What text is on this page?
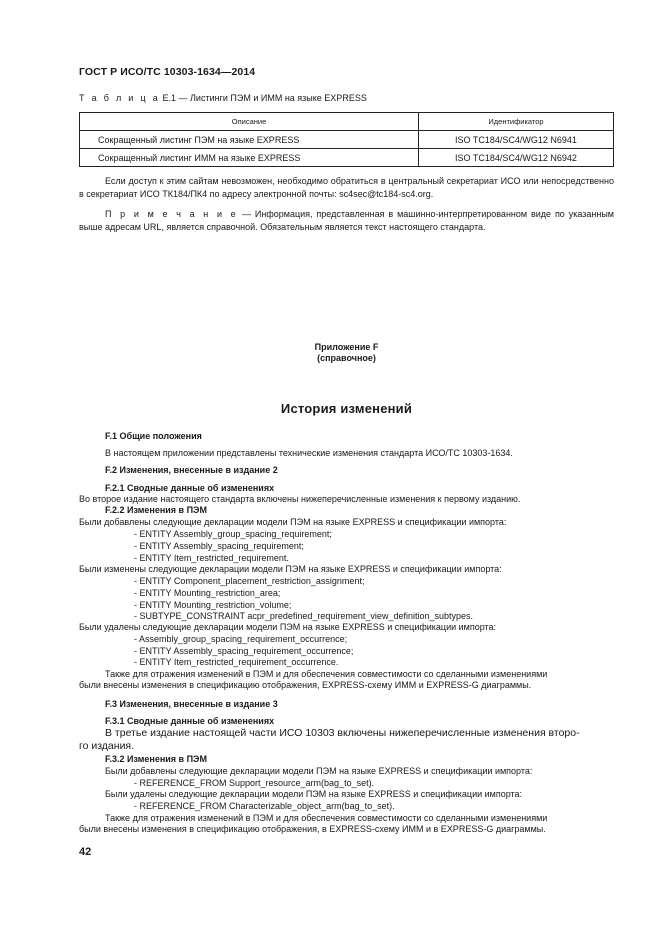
ГОСТ Р ИСО/ТС 10303-1634—2014
Т а б л и ц а Е.1 — Листинги ПЭМ и ИММ на языке EXPRESS
Описание	Идентификатор
Сокращенный листинг ПЭМ на языке EXPRESS	ISO TC184/SC4/WG12 N6941
Сокращенный листинг ИММ на языке EXPRESS	ISO TC184/SC4/WG12 N6942

Если доступ к этим сайтам невозможен, необходимо обратиться в центральный секретариат ИСО или непосредственно в секретариат ИСО ТК184/ПК4 по адресу электронной почты: sc4sec@tc184-sc4.org.

П р и м е ч а н и е — Информация, представленная в машинно-интерпретированном виде по указанным выше адресам URL, является справочной. Обязательным является текст настоящего стандарта.

Приложение F
(справочное)
История изменений
F.1 Общие положения
В настоящем приложении представлены технические изменения стандарта ИСО/ТС 10303-1634.
F.2 Изменения, внесенные в издание 2
F.2.1 Сводные данные об изменениях
Во второе издание настоящего стандарта включены нижеперечисленные изменения к первому изданию.
F.2.2 Изменения в ПЭМ
Были добавлены следующие декларации модели ПЭМ на языке EXPRESS и спецификации импорта:
- ENTITY Assembly_group_spacing_requirement;
- ENTITY Assembly_spacing_requirement;
- ENTITY Item_restricted_requirement.
Были изменены следующие декларации модели ПЭМ на языке EXPRESS и спецификации импорта:
- ENTITY Component_placement_restriction_assignment;
- ENTITY Mounting_restriction_area;
- ENTITY Mounting_restriction_volume;
- SUBTYPE_CONSTRAINT acpr_predefined_requirement_view_definition_subtypes.
Были удалены следующие декларации модели ПЭМ на языке EXPRESS и спецификации импорта:
- Assembly_group_spacing_requirement_occurrence;
- ENTITY Assembly_spacing_requirement_occurrence;
- ENTITY Item_restricted_requirement_occurrence.
Также для отражения изменений в ПЭМ и для обеспечения совместимости со сделанными изменениями
были внесены изменения в спецификацию отображения, EXPRESS-схему ИММ и EXPRESS-G диаграммы.
F.3 Изменения, внесенные в издание 3
F.3.1 Сводные данные об изменениях
В третье издание настоящей части ИСО 10303 включены нижеперечисленные изменения второ-
го издания.
F.3.2 Изменения в ПЭМ
Были добавлены следующие декларации модели ПЭМ на языке EXPRESS и спецификации импорта:
- REFERENCE_FROM Support_resource_arm(bag_to_set).
Были удалены следующие декларации модели ПЭМ на языке EXPRESS и спецификации импорта:
- REFERENCE_FROM Characterizable_object_arm(bag_to_set).
Также для отражения изменений в ПЭМ и для обеспечения совместимости со сделанными изменениями
были внесены изменения в спецификацию отображения, в EXPRESS-схему ИММ и в EXPRESS-G диаграммы.
42
